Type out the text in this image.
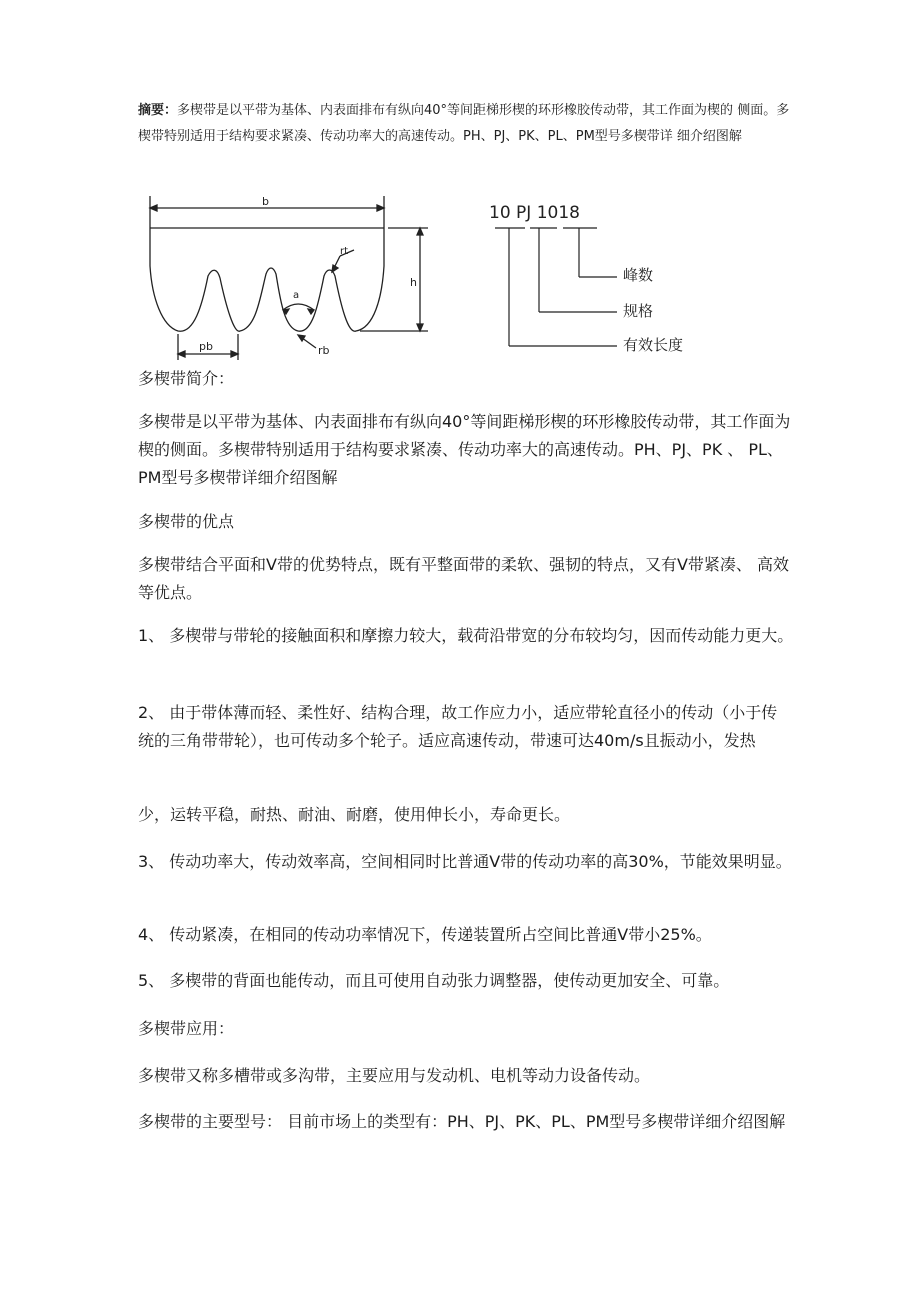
摘要：多楔带是以平带为基体、内表面排布有纵向40°等间距梯形楔的环形橡胶传动带，其工作面为楔的 侧面。多楔带特别适用于结构要求紧凑、传动功率大的高速传动。PH、PJ、PK、PL、PM型号多楔带详 细介绍图解
b
h
rt
a
pb	rb
10 PJ 1018
峰数
规格
有效长度

多楔带简介：

多楔带是以平带为基体、内表面排布有纵向40°等间距梯形楔的环形橡胶传动带，其工作面为楔的侧面。多楔带特别适用于结构要求紧凑、传动功率大的高速传动。PH、PJ、PK 、 PL、PM型号多楔带详细介绍图解

多楔带的优点

多楔带结合平面和V带的优势特点，既有平整面带的柔软、强韧的特点，又有V带紧凑、 高效等优点。

1、 多楔带与带轮的接触面积和摩擦力较大，载荷沿带宽的分布较均匀，因而传动能力更大。

2、 由于带体薄而轻、柔性好、结构合理，故工作应力小，适应带轮直径小的传动（小于传 统的三角带带轮），也可传动多个轮子。适应高速传动，带速可达40m/s且振动小，发热

少，运转平稳，耐热、耐油、耐磨，使用伸长小，寿命更长。

3、 传动功率大，传动效率高，空间相同时比普通V带的传动功率的高30%，节能效果明显。

4、 传动紧凑，在相同的传动功率情况下，传递装置所占空间比普通V带小25%。

5、 多楔带的背面也能传动，而且可使用自动张力调整器，使传动更加安全、可靠。

多楔带应用：

多楔带又称多槽带或多沟带，主要应用与发动机、电机等动力设备传动。

多楔带的主要型号： 目前市场上的类型有：PH、PJ、PK、PL、PM型号多楔带详细介绍图解
